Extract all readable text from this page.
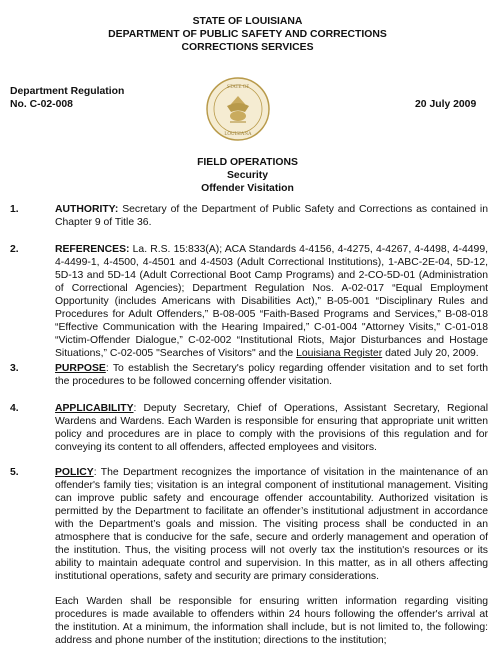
STATE OF LOUISIANA
DEPARTMENT OF PUBLIC SAFETY AND CORRECTIONS
CORRECTIONS SERVICES
Department Regulation
No. C-02-008	20 July 2009
STATE OF
LOUISIANA
FIELD OPERATIONS
Security
Offender Visitation
1.	AUTHORITY: Secretary of the Department of Public Safety and Corrections as contained in Chapter 9 of Title 36.
2.	REFERENCES: La. R.S. 15:833(A); ACA Standards 4-4156, 4-4275, 4-4267, 4-4498, 4-4499, 4-4499-1, 4-4500, 4-4501 and 4-4503 (Adult Correctional Institutions), 1-ABC-2E-04, 5D-12, 5D-13 and 5D-14 (Adult Correctional Boot Camp Programs) and 2-CO-5D-01 (Administration of Correctional Agencies); Department Regulation Nos. A-02-017 “Equal Employment Opportunity (includes Americans with Disabilities Act),” B-05-001 “Disciplinary Rules and Procedures for Adult Offenders,” B-08-005 “Faith-Based Programs and Services,” B-08-018 “Effective Communication with the Hearing Impaired,” C-01-004 "Attorney Visits," C-01-018 “Victim-Offender Dialogue,” C-02-002 “Institutional Riots, Major Disturbances and Hostage Situations,” C-02-005 "Searches of Visitors" and the Louisiana Register dated July 20, 2009.
3.	PURPOSE: To establish the Secretary's policy regarding offender visitation and to set forth the procedures to be followed concerning offender visitation.
4.	APPLICABILITY: Deputy Secretary, Chief of Operations, Assistant Secretary, Regional Wardens and Wardens. Each Warden is responsible for ensuring that appropriate unit written policy and procedures are in place to comply with the provisions of this regulation and for conveying its content to all offenders, affected employees and visitors.
5.	POLICY: The Department recognizes the importance of visitation in the maintenance of an offender's family ties; visitation is an integral component of institutional management. Visiting can improve public safety and encourage offender accountability. Authorized visitation is permitted by the Department to facilitate an offender’s institutional adjustment in accordance with the Department’s goals and mission. The visiting process shall be conducted in an atmosphere that is conducive for the safe, secure and orderly management and operation of the institution. Thus, the visiting process will not overly tax the institution's resources or its ability to maintain adequate control and supervision. In this matter, as in all others affecting institutional operations, safety and security are primary considerations.
Each Warden shall be responsible for ensuring written information regarding visiting procedures is made available to offenders within 24 hours following the offender's arrival at the institution. At a minimum, the information shall include, but is not limited to, the following: address and phone number of the institution; directions to the institution;
